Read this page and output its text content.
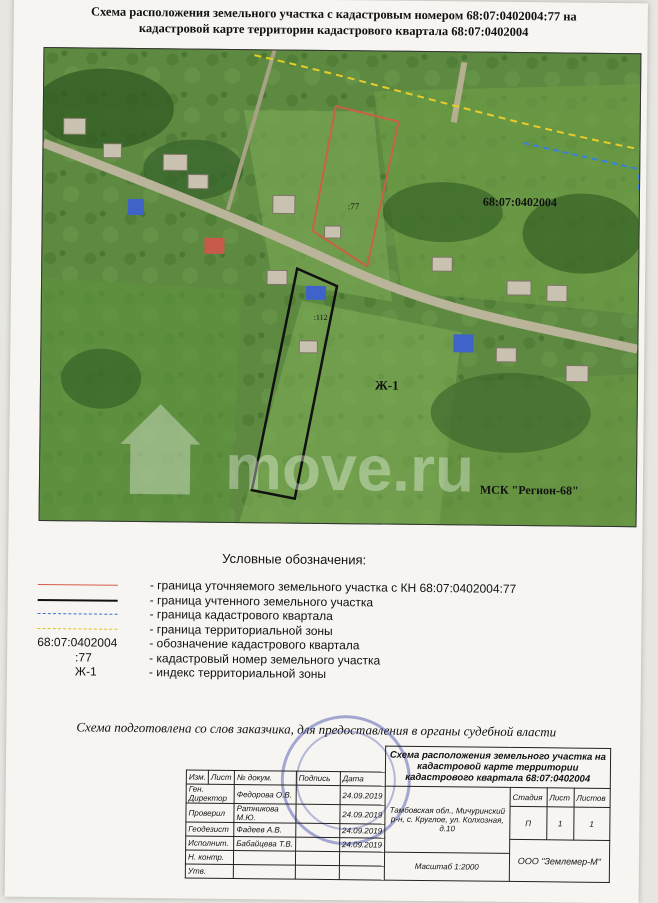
Схема расположения земельного участка с кадастровым номером 68:07:0402004:77 на
кадастровой карте территории кадастрового квартала 68:07:0402004
:77
:112
68:07:0402004
Ж-1
МСК "Регион-68"
move.ru
Условные обозначения:
- граница уточняемого земельного участка с КН 68:07:0402004:77
- граница учтенного земельного участка
- граница кадастрового квартала
- граница территориальной зоны
68:07:0402004	- обозначение кадастрового квартала
:77	- кадастровый номер земельного участка
Ж-1	- индекс территориальной зоны
Схема подготовлена со слов заказчика, для предоставления в органы судебной власти
					Схема расположения земельного участка на кадастровой карте территории кадастрового квартала 68:07:0402004			
Изм.	Лист	№ докум.	Подпись	Дата				
Ген. Директор		Федорова О.В.		24.09.2019	Тамбовская обл., Мичуринский р-н, с. Круглое, ул. Колхозная, д.10	Стадия	Лист	Листов
Проверил		Ратникова М.Ю.		24.09.2019		П	1	1
Геодезист		Фадеев А.В.		24.09.2019				
Исполнит.		Бабайцева Т.В.		24.09.2019		ООО "Землемер-М"		
Н. контр.					Масштаб 1:2000			
Утв.								
